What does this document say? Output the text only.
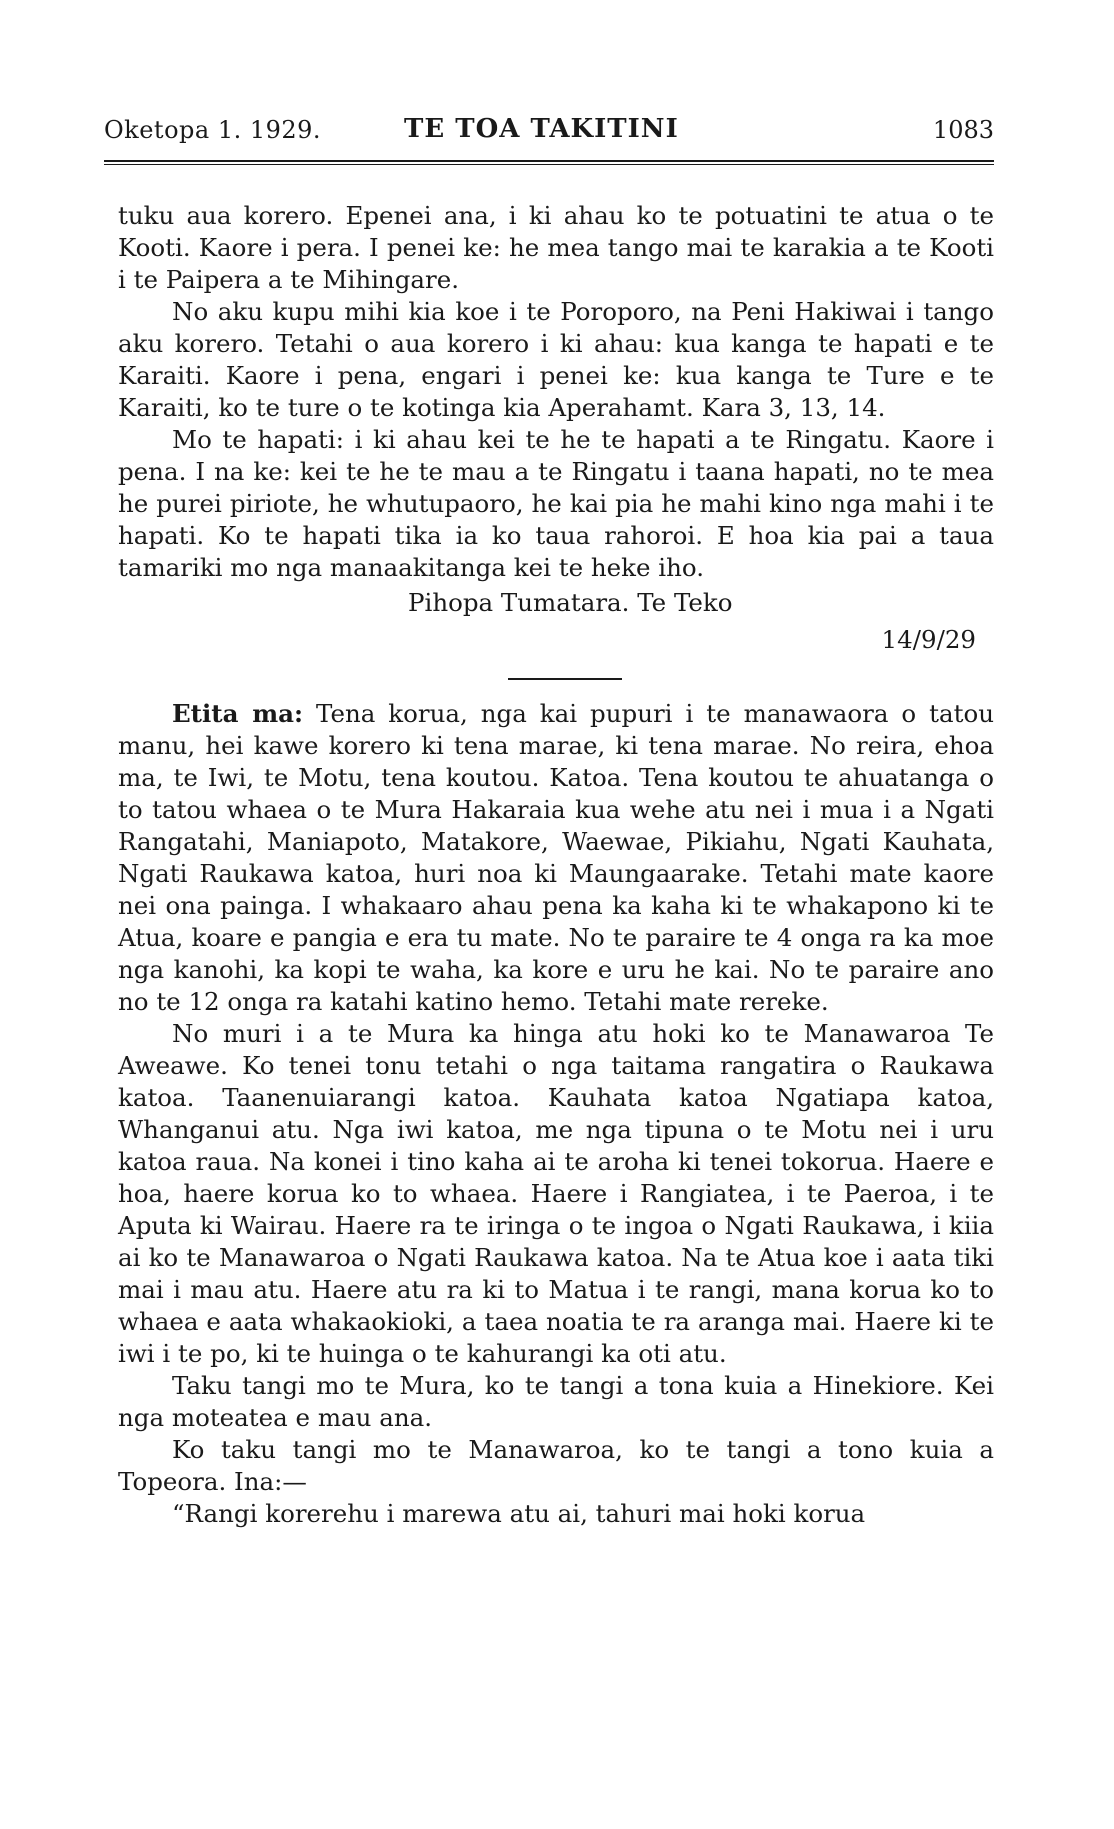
Oketopa 1. 1929.	TE TOA TAKITINI	1083

tuku aua korero. Epenei ana, i ki ahau ko te potuatini te atua o te Kooti. Kaore i pera. I penei ke: he mea tango mai te karakia a te Kooti i te Paipera a te Mihingare.

No aku kupu mihi kia koe i te Poroporo, na Peni Hakiwai i tango aku korero. Tetahi o aua korero i ki ahau: kua kanga te hapati e te Karaiti. Kaore i pena, engari i penei ke: kua kanga te Ture e te Karaiti, ko te ture o te kotinga kia Aperahamt. Kara 3, 13, 14.

Mo te hapati: i ki ahau kei te he te hapati a te Ringatu. Kaore i pena. I na ke: kei te he te mau a te Ringatu i taana hapati, no te mea he purei piriote, he whutupaoro, he kai pia he mahi kino nga mahi i te hapati. Ko te hapati tika ia ko taua rahoroi. E hoa kia pai a taua tamariki mo nga manaakitanga kei te heke iho.

Pihopa Tumatara. Te Teko
14/9/29

Etita ma: Tena korua, nga kai pupuri i te manawaora o tatou manu, hei kawe korero ki tena marae, ki tena marae. No reira, ehoa ma, te Iwi, te Motu, tena koutou. Katoa. Tena koutou te ahuatanga o to tatou whaea o te Mura Hakaraia kua wehe atu nei i mua i a Ngati Rangatahi, Maniapoto, Matakore, Waewae, Pikiahu, Ngati Kauhata, Ngati Raukawa katoa, huri noa ki Maungaarake. Tetahi mate kaore nei ona painga. I whakaaro ahau pena ka kaha ki te whakapono ki te Atua, koare e pangia e era tu mate. No te paraire te 4 onga ra ka moe nga kanohi, ka kopi te waha, ka kore e uru he kai. No te paraire ano no te 12 onga ra katahi katino hemo. Tetahi mate rereke.

No muri i a te Mura ka hinga atu hoki ko te Manawaroa Te Aweawe. Ko tenei tonu tetahi o nga taitama rangatira o Raukawa katoa. Taanenuiarangi katoa. Kauhata katoa Ngatiapa katoa, Whanganui atu. Nga iwi katoa, me nga tipuna o te Motu nei i uru katoa raua. Na konei i tino kaha ai te aroha ki tenei tokorua. Haere e hoa, haere korua ko to whaea. Haere i Rangiatea, i te Paeroa, i te Aputa ki Wairau. Haere ra te iringa o te ingoa o Ngati Raukawa, i kiia ai ko te Manawaroa o Ngati Raukawa katoa. Na te Atua koe i aata tiki mai i mau atu. Haere atu ra ki to Matua i te rangi, mana korua ko to whaea e aata whakaokioki, a taea noatia te ra aranga mai. Haere ki te iwi i te po, ki te huinga o te kahurangi ka oti atu.

Taku tangi mo te Mura, ko te tangi a tona kuia a Hinekiore. Kei nga moteatea e mau ana.

Ko taku tangi mo te Manawaroa, ko te tangi a tono kuia a Topeora. Ina:—

“Rangi korerehu i marewa atu ai, tahuri mai hoki korua
